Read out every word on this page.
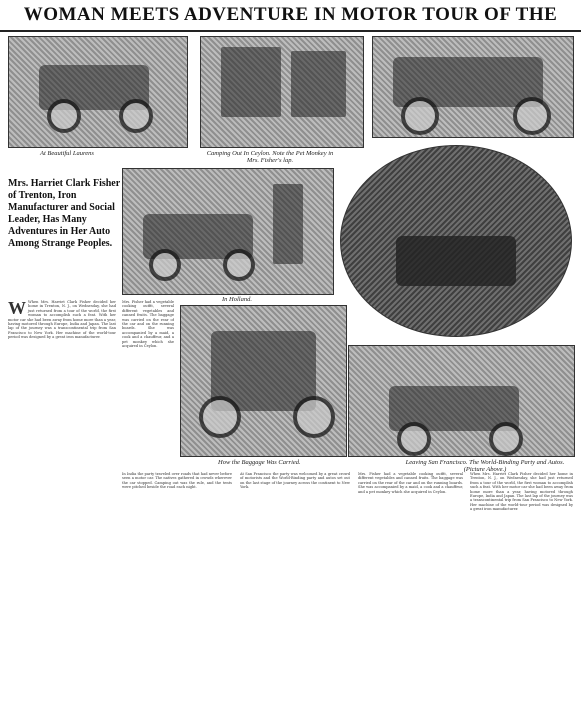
WOMAN MEETS ADVENTURE IN MOTOR TOUR OF THE
At Beautiful Laurens	Camping Out In Ceylon. Note the Pet Monkey in Mrs. Fisher's lap.
Mrs. Harriet Clark Fisher of Trenton, Iron Manufacturer and Social Leader, Has Many Adventures in Her Auto Among Strange Peoples.
In Holland.
W When Mrs. Harriet Clark Fisher decided her home in Trenton, N. J., on Wednesday, she had just returned from a tour of the world, the first woman to accomplish such a feat. With her motor car she had been away from home more than a year, having motored through Europe, India and Japan. The last lap of the journey was a transcontinental trip from San Francisco to New York. Her machine of the world-tour period was designed by a great iron manufacturer.
How the Baggage Was Carried.
Mrs. Fisher had a vegetable cooking outfit, several different vegetables and canned fruits. The baggage was carried on the rear of the car and on the running boards. She was accompanied by a maid, a cook and a chauffeur, and a pet monkey which she acquired in Ceylon.
Leaving San Francisco. The World-Binding Party and Autos. (Picture Above.)
In India the party traveled over roads that had never before seen a motor car. The natives gathered in crowds wherever the car stopped. Camping out was the rule, and the tents were pitched beside the road each night.
At San Francisco the party was welcomed by a great crowd of motorists and the World-Binding party and autos set out on the last stage of the journey across the continent to New York.
Mrs. Fisher had a vegetable cooking outfit, several different vegetables and canned fruits. The baggage was carried on the rear of the car and on the running boards. She was accompanied by a maid, a cook and a chauffeur, and a pet monkey which she acquired in Ceylon.
When Mrs. Harriet Clark Fisher decided her home in Trenton, N. J., on Wednesday, she had just returned from a tour of the world, the first woman to accomplish such a feat. With her motor car she had been away from home more than a year, having motored through Europe, India and Japan. The last lap of the journey was a transcontinental trip from San Francisco to New York. Her machine of the world-tour period was designed by a great iron manufacturer.
